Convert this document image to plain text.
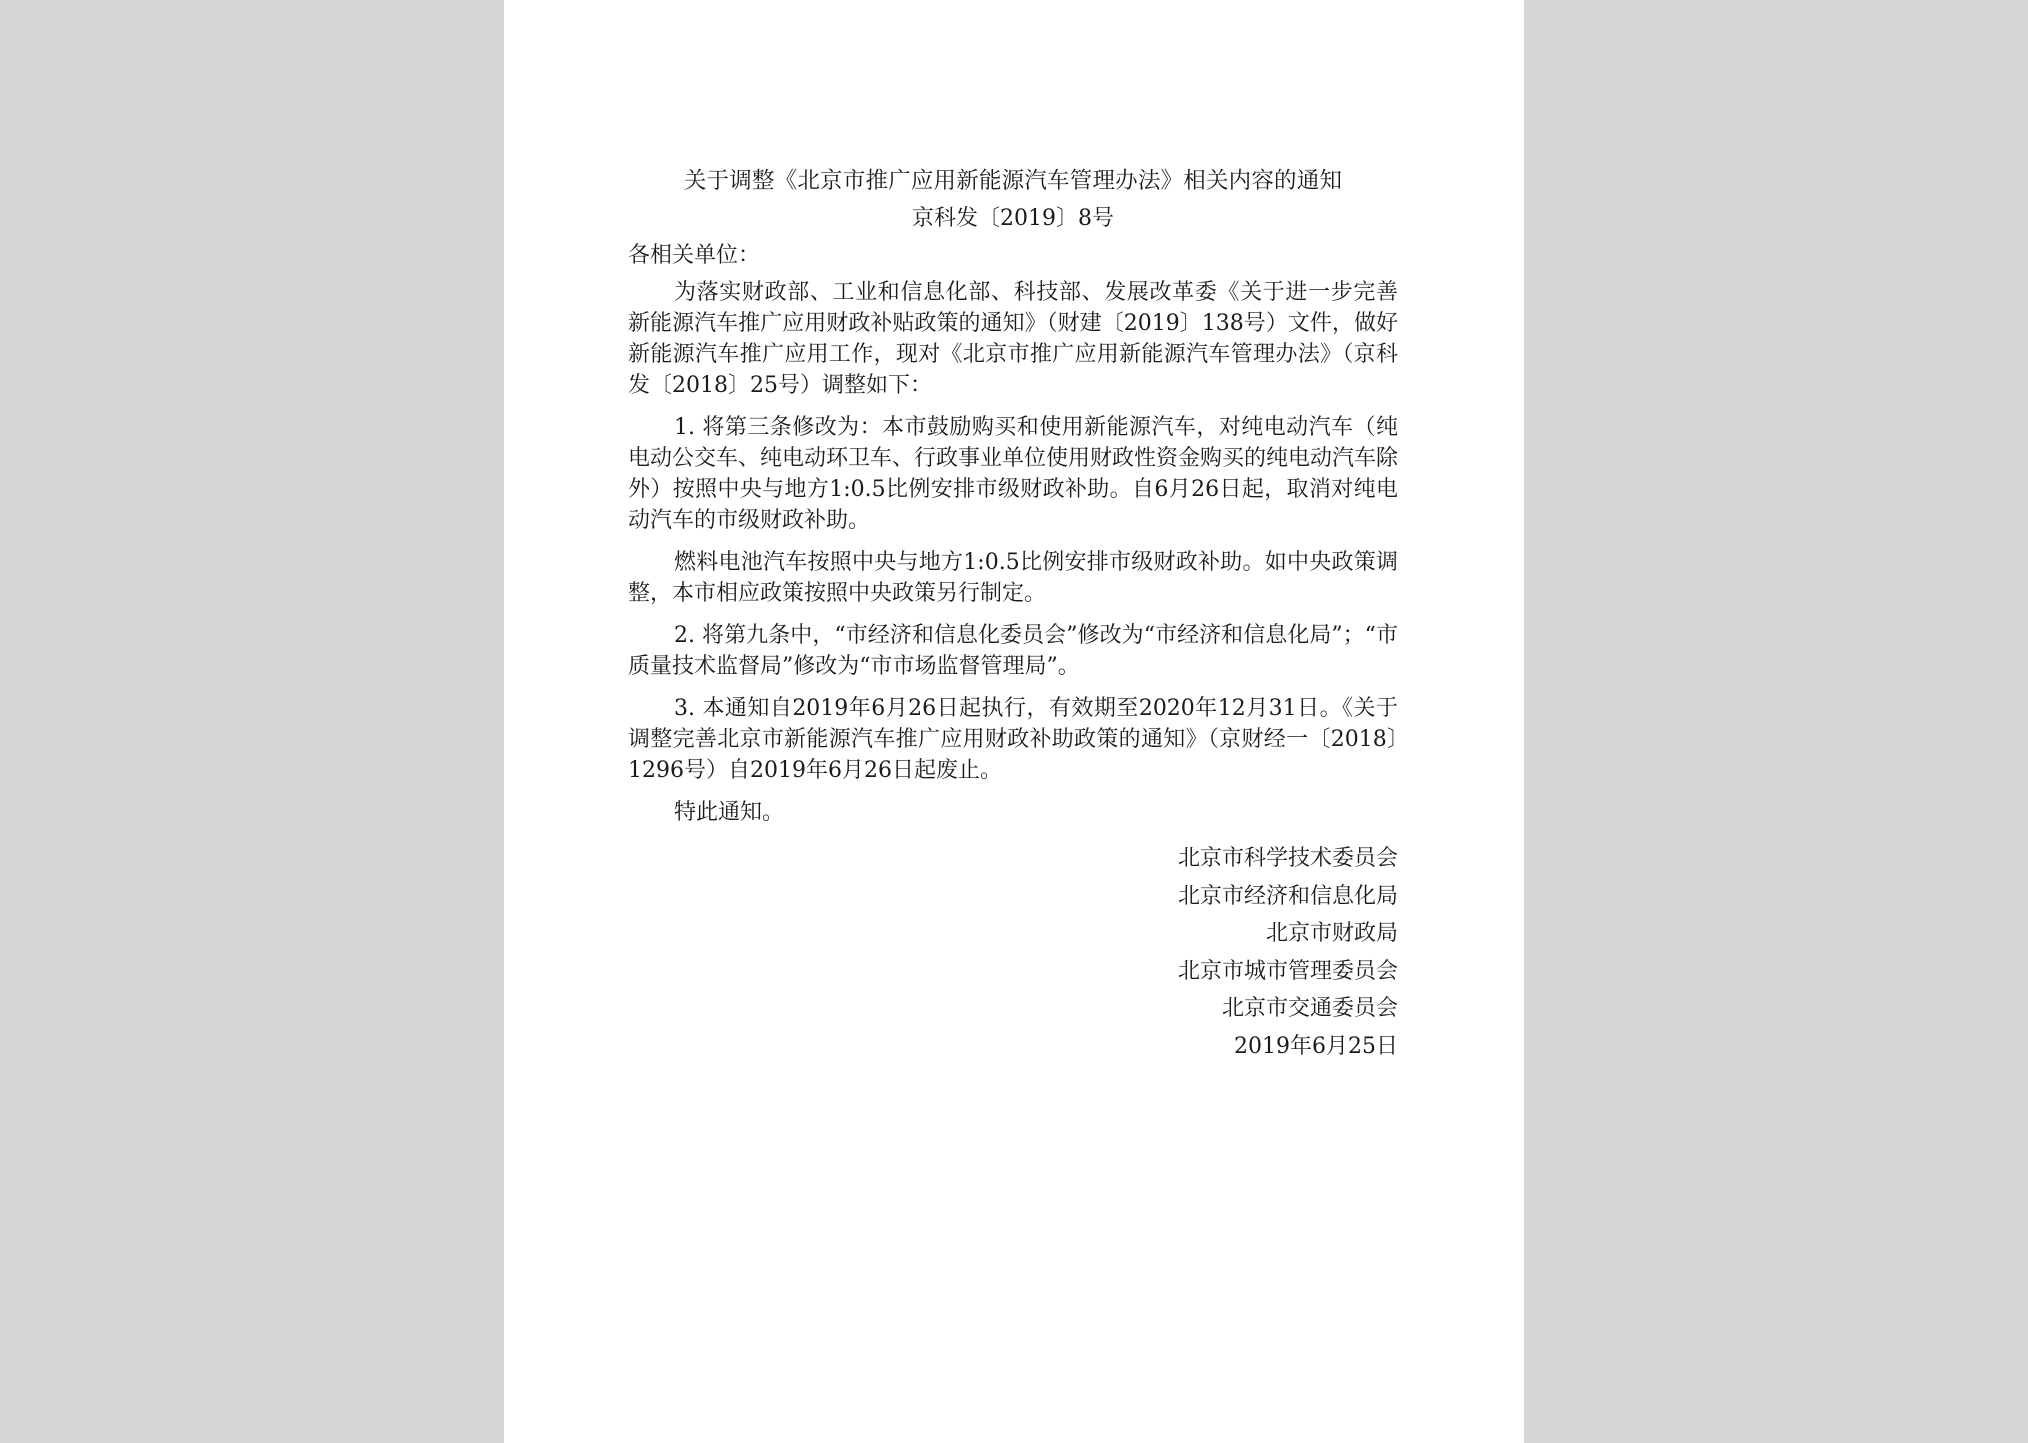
关于调整《北京市推广应用新能源汽车管理办法》相关内容的通知
京科发〔2019〕8号
各相关单位：

为落实财政部、工业和信息化部、科技部、发展改革委《关于进一步完善新能源汽车推广应用财政补贴政策的通知》（财建〔2019〕138号）文件，做好新能源汽车推广应用工作，现对《北京市推广应用新能源汽车管理办法》（京科发〔2018〕25号）调整如下：

1. 将第三条修改为：本市鼓励购买和使用新能源汽车，对纯电动汽车（纯电动公交车、纯电动环卫车、行政事业单位使用财政性资金购买的纯电动汽车除外）按照中央与地方1:0.5比例安排市级财政补助。自6月26日起，取消对纯电动汽车的市级财政补助。

燃料电池汽车按照中央与地方1:0.5比例安排市级财政补助。如中央政策调整，本市相应政策按照中央政策另行制定。

2. 将第九条中，“市经济和信息化委员会”修改为“市经济和信息化局”；“市质量技术监督局”修改为“市市场监督管理局”。

3. 本通知自2019年6月26日起执行，有效期至2020年12月31日。《关于调整完善北京市新能源汽车推广应用财政补助政策的通知》（京财经一〔2018〕1296号）自2019年6月26日起废止。

特此通知。

北京市科学技术委员会
北京市经济和信息化局
北京市财政局
北京市城市管理委员会
北京市交通委员会
2019年6月25日
